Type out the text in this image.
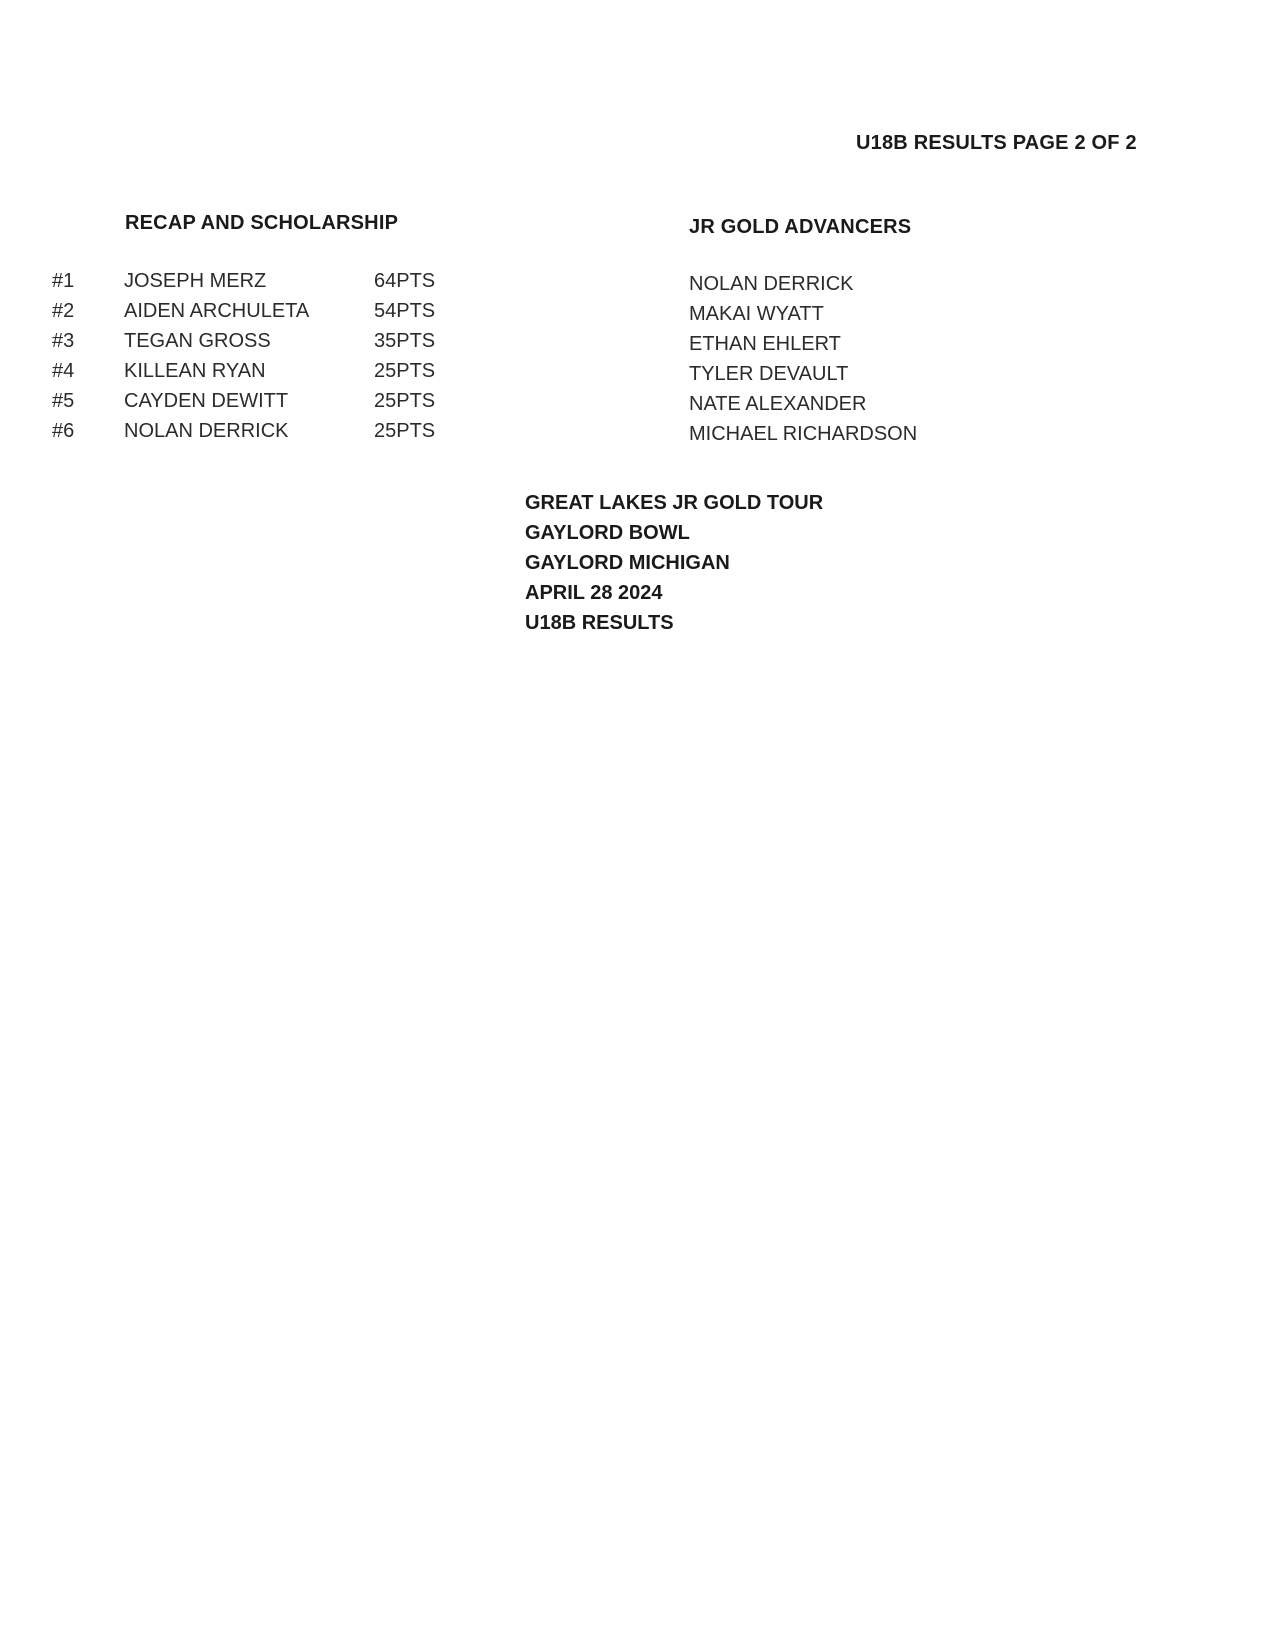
U18B RESULTS PAGE 2 OF 2
RECAP AND SCHOLARSHIP	JR GOLD ADVANCERS
#1 JOSEPH MERZ	64PTS
#2 AIDEN ARCHULETA	54PTS
#3 TEGAN GROSS	35PTS
#4 KILLEAN RYAN	25PTS
#5 CAYDEN DEWITT	25PTS
#6 NOLAN DERRICK	25PTS
NOLAN DERRICK
MAKAI WYATT
ETHAN EHLERT
TYLER DEVAULT
NATE ALEXANDER
MICHAEL RICHARDSON
GREAT LAKES JR GOLD TOUR
GAYLORD BOWL
GAYLORD MICHIGAN
APRIL 28 2024
U18B RESULTS
